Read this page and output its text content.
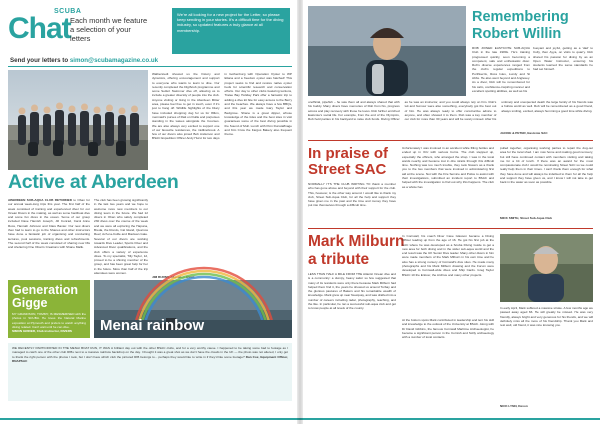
SCUBA
Chat Each month we feature a selection of your letters
We're all looking for a new project for the Letter, so please keep sending in your stories. It's a difficult time for the diving industry, so updated features a truly glance at all membership.
Send your letters to simon@scubamagazine.co.uk
Walberstedt showed us the history and dynamics, offering encouragement and support to everyone who wants to learn to dive. Our recently completed the DigiScub programme and some Seifert Swimmer dive off, allowing us to include a greater diversity of people into the club. Anyone visiting or living in the Aberdeen Mitter area, please feel free to get in touch, even if it's just to hang off. Wildlife highlights of the Diary have included shopping dog for us for 80km, mermaid's purses of Ratt on Duille and porpoises standing in the waves alongside the Courses. We are also always very excited to support one of our favourite residences, the midlinebrook. A few of our divers also joined Bob Anderson and BSAC Expedition Officer Andy Hurst for two days in Gothenburg with Operation Oyster to WP Eliana and a freedom oyster was hatched! This project seeks to find and restore native oyster beds for scientific research and conservation efforts. Our day to other clubs featuring lections, Tralee Bay Holiday Park offer a fantastic trip to adding a dive kit bite for easy access to the Berry and the beaches. We always have a few BBQs, and this year we made Gary Taylor and Bedgrove. Shane is a great dipper, whose knowledge of the tides and the best sites in visit guarantees some of the best diving possible in the Sound of Mull. Lunch with Poin Dunstaffnage and Kim Crow the Fargus Bakery also frequent theme.
Active at Aberdeen
ABERDEEN SUB-AQUA CLUB RETURNED to Oban for our annual week-long trips this year. The first half of the week consisted of training and experienced diver for our Ocean Divers in the making, as well as some hardboat dive and some fun dives in the ocean. Some of our group included Dave Hamish Joseph, Jill Conrad, Carol Anne Ross, Hannah Johnson and Clare Baxter. Our new divers then had to learn to go to the Shanes and other instructors have done a fantastic job of organising and conducting lectures, pool sessions, training dives and refreshments. The second half of the week consisted of sharing new lifts and sheltering One Oban's Creations with Shane Malik.
The club has been growing significantly in the last two years and we hope to welcome more new members to our diving team in the future. We had 12 divers in Oban who safely completed 230 dives over the course of the week and we were all exploring the Hapuna, Breda, the Rondo, Cal Island, Quarnos Reef, Ach-na-Cuille and Maclean Gate. Several of our divers are working towards Dive Leader, Sports Diver and Advanced Diver qualifications, and the club offers a variety of experience dives. To my specialist, Tilly Taylor, 12, proved to be a shining member of the group, and has been great help for her in the future. More than half of the trip attendees were women.
JIM BURNS, Aberdeen BSAC
Generation Gigge
MY GRANDSON, TOMMY, IS MESMERISED with the photos in SCUBA. He loves the Natural Marine exposition at Plymouth and prefers to watch anything diving related. Can't wait until he can dive.
SIMON GRIDER, Club instructor, DIVERS	Menai rainbow
WE RECENTLY PARTICIPATED IN THE MENAI BOAT RUN, IT WAS A brilliant day out with the other BSAC clubs, and for a very worthy cause. I happened to be taking some bad to footage as I managed to catch one of the other club RIBs next to a massive rainbow backdrop on the day. I thought it was a great shot as we don't have the clouds in the UK — the photo was not altered, I only got to thank the right person with the photos I took, but I don't have which club the pictured RIB belongs to... perhaps they would like to write in if they'd like some footage? Dan Cox, Equipment Officer, RNAPSAC
Remembering
Robert Willin
ROB JOINED EASTCOTE SUB-AQUA Club in the late 1980s. He's training progressed quickly, soon becoming a competent, safe and enthusiastic diver. Rob's diverse experiences ranged from the club's regular expeditions to Porthkerris, Ross Isles, Lundy and St Abbs. He also went beyond and Anglesey. As a diver, Rob will be remembered for his calm, confidence-inspiring manner and excellent spotting abilities, as well as his
buoyant and joyful, getting as a 'dad' to Cully, then Ayya, on visits to quarry. Rob shared his passion for diving by as an Open Water Instructor, ensuring his students learned the same standards he had set himself.
unofficial, pipefish – he saw them all and always shared that with his buddy. Many divers have memories of Rob from his, progress across and play recovery with those he loves. Rob further enriched Eastcote's social life. For example, from the end of the Olympics, Rob held parties in his backyard to raise club funds. Diving Officer as he was an instructor, and you could always rely on him. Rob's wit and humour were also something, everybody got the best out of him. He was always ready to offer constructive advice to anyone, and often showed it to them. Rob was a key member of our club for more than 30 years and will be sorely missed. After his untimely and unexpected death the large family of his friends was a hollow world as well. Rob will be remembered as a good friend, always smiling, excited, always humming a good time while diving.
JACKIE & PETER, Eastcote SAC
In praise of
Street SAC
NORMALLY IT'S THE CLUB WRITING TO thank a member who has gone above and beyond with their support for the club. This, however, is the other way around. I would like to thank my club, Street Sub-Aqua Club, for all the help and support they have given me in the past and the time and money they have put into themselves through a difficult time.
Unfortunately I was involved in an accident while filling bottles and ended up in ICU with serious burns. The club stepped up, especially the officers, who arranged the shop. I was in the local wards nearby and became lost in dire straits through this difficult time. Nothing was too much trouble, they took flowers as a thank you to the two members that were involved in administering first aid at the scene. Not with the Fire Service and Police to assist with their investigations, submitted an incident report to BSAC and helped with the investigation to find out why this happens. The club as a whole has
pulled together, organising working parties to repair the dug-out area for the local shed. I am now home and making good recovery, but still have continued contact with members visiting and taking me for a bit of lunch. If there was an award for the most compassionate club I would be nominating Street SAC so we could really help them in their times. I can't thank them enough for what they have done and will always be indebted to them for all the help and support they have given us, and I know I will not take to get back in the water as soon as possible.
MICK SMITH, Street Sub-Aqua Club
Mark Milburn
a tribute
LESS THAN HALF A MILE FROM THE Atlantic Ocean dive and is a community: a dumpy, heavy sailor so few suggested that many of its residents were only there because Mark Milburn had helped them find it, the years he showed us around Torbay and the glorious pastures of Bakers and his remarkable wealth of knowledge. Mark grew up near Newquay, and was drafted into a number of careers including radar, photography, teaching, and the like. In particular, he ran a successful sub-aqua club and got to know people at all levels of the county.
In Cornwall, his coach Diver Cave Glasson became a Diving Officer leading up from the age of 16. He got his first job at the SAC where he was developed as a Scuba Diving Guide to get a new area for both diving and in the wider sub-aqua world and the end result was the UK Senior Dive leader. Many other divers in him were made members of the Mark Milburn in his own time and he also has a strong nursery of Cornwall's dive sites. He made many photographs and his Mark Milburn drawing and the Forum were developed to Cornwall-wide dives and Ship Cards. Greg Taylor BSAC 10 the Enticer, the Archive and many other projects.
At the bottom spots Mark contributed in leadership and lent his skill and knowledge to the outlook of the University at BSAC. Along with Dr David Gibbins, the famous Cornwall Maritime Archaeologist, he became a significant person in the Cornish and Scilly archaeology with a number of local contacts.
In early April, Mark suffered a massive stroke. A few months ago we passed away aged 66. He will greatly be missed. He was very friendly, always bright and very generous for his friends, and we will definitely miss all the more of his friendship. Thank you Mark and rest well, old friend, it was nice knowing you.
NICK LYNN, Devon
